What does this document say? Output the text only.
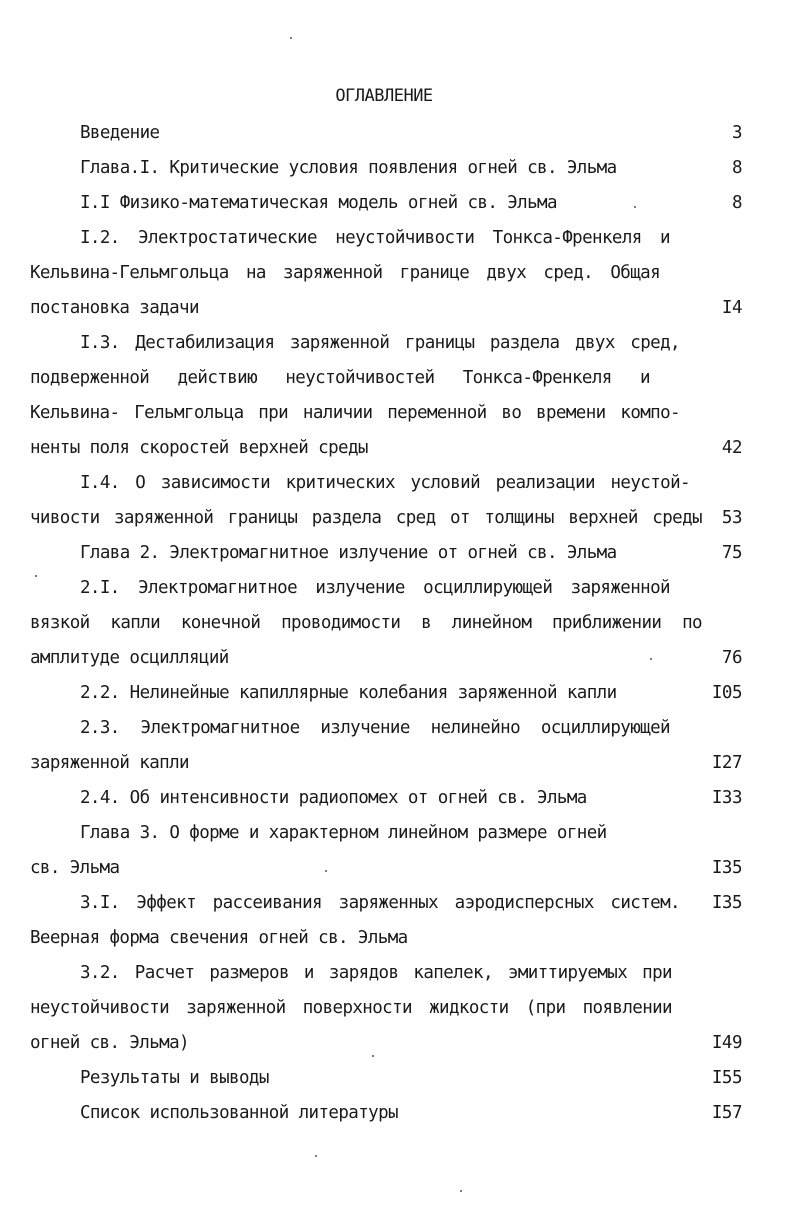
ОГЛАВЛЕНИЕ
Введение	3
Глава.I. Критические условия появления огней св. Эльма	8
I.I Физико-математическая модель огней св. Эльма	8
I.2. Электростатические неустойчивости Тонкса-Френкеля и
Кельвина-Гельмгольца на заряженной границе двух сред. Общая
постановка задачи	I4
I.3. Дестабилизация заряженной границы раздела двух сред,
подверженной действию неустойчивостей Тонкса-Френкеля и
Кельвина- Гельмгольца при наличии переменной во времени компо-
ненты поля скоростей верхней среды	42
I.4. О зависимости критических условий реализации неустой-
чивости заряженной границы раздела сред от толщины верхней среды 53
Глава 2. Электромагнитное излучение от огней св. Эльма	75
2.I. Электромагнитное излучение осциллирующей заряженной
вязкой капли конечной проводимости в линейном приближении по
амплитуде осцилляций	76
2.2. Нелинейные капиллярные колебания заряженной капли	I05
2.3. Электромагнитное излучение нелинейно осциллирующей
заряженной капли	I27
2.4. Об интенсивности радиопомех от огней св. Эльма	I33
Глава 3. О форме и характерном линейном размере огней
св. Эльма	I35
3.I. Эффект рассеивания заряженных аэродисперсных систем. I35
Веерная форма свечения огней св. Эльма
3.2. Расчет размеров и зарядов капелек, эмиттируемых при
неустойчивости заряженной поверхности жидкости (при появлении
огней св. Эльма)	I49
Результаты и выводы	I55
Список использованной литературы	I57
